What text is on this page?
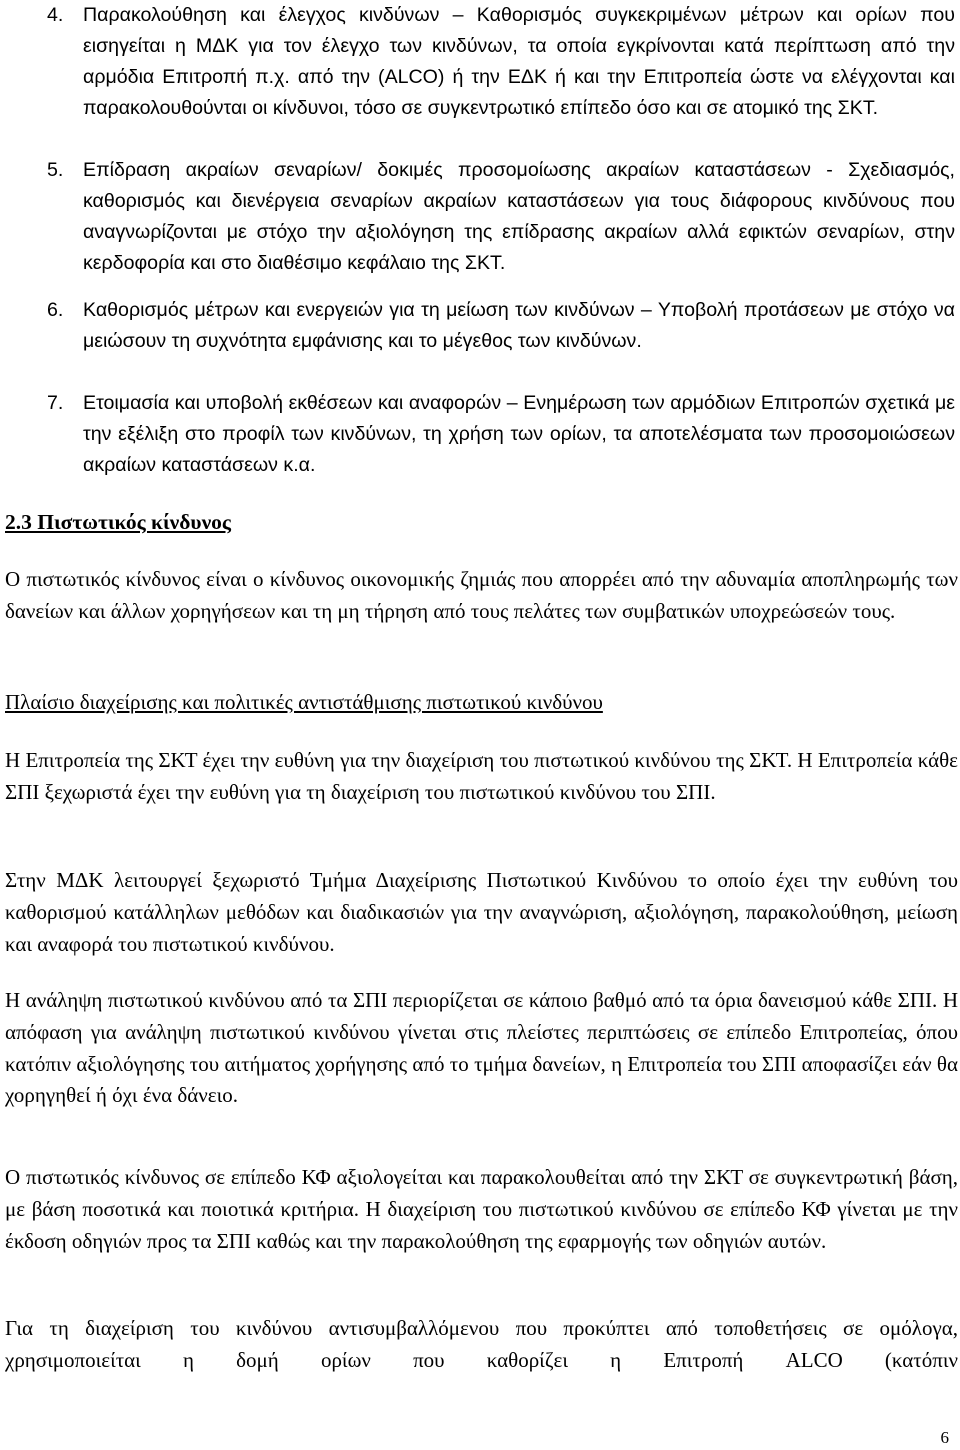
4. Παρακολούθηση και έλεγχος κινδύνων – Καθορισμός συγκεκριμένων μέτρων και ορίων που εισηγείται η ΜΔΚ για τον έλεγχο των κινδύνων, τα οποία εγκρίνονται κατά περίπτωση από την αρμόδια Επιτροπή π.χ. από την (ALCO) ή την ΕΔΚ ή και την Επιτροπεία ώστε να ελέγχονται και παρακολουθούνται οι κίνδυνοι, τόσο σε συγκεντρωτικό επίπεδο όσο και σε ατομικό της ΣΚΤ.
5. Επίδραση ακραίων σεναρίων/ δοκιμές προσομοίωσης ακραίων καταστάσεων - Σχεδιασμός, καθορισμός και διενέργεια σεναρίων ακραίων καταστάσεων για τους διάφορους κινδύνους που αναγνωρίζονται με στόχο την αξιολόγηση της επίδρασης ακραίων αλλά εφικτών σεναρίων, στην κερδοφορία και στο διαθέσιμο κεφάλαιο της ΣΚΤ.
6. Καθορισμός μέτρων και ενεργειών για τη μείωση των κινδύνων – Υποβολή προτάσεων με στόχο να μειώσουν τη συχνότητα εμφάνισης και το μέγεθος των κινδύνων.
7. Ετοιμασία και υποβολή εκθέσεων και αναφορών – Ενημέρωση των αρμόδιων Επιτροπών σχετικά με την εξέλιξη στο προφίλ των κινδύνων, τη χρήση των ορίων, τα αποτελέσματα των προσομοιώσεων ακραίων καταστάσεων κ.α.
2.3 Πιστωτικός κίνδυνος
Ο πιστωτικός κίνδυνος είναι ο κίνδυνος οικονομικής ζημιάς που απορρέει από την αδυναμία αποπληρωμής των δανείων και άλλων χορηγήσεων και τη μη τήρηση από τους πελάτες των συμβατικών υποχρεώσεών τους.
Πλαίσιο διαχείρισης και πολιτικές αντιστάθμισης πιστωτικού κινδύνου
Η Επιτροπεία της ΣΚΤ έχει την ευθύνη για την διαχείριση του πιστωτικού κινδύνου της ΣΚΤ. Η Επιτροπεία κάθε ΣΠΙ ξεχωριστά έχει την ευθύνη για τη διαχείριση του πιστωτικού κινδύνου του ΣΠΙ.
Στην ΜΔΚ λειτουργεί ξεχωριστό Τμήμα Διαχείρισης Πιστωτικού Κινδύνου το οποίο έχει την ευθύνη του καθορισμού κατάλληλων μεθόδων και διαδικασιών για την αναγνώριση, αξιολόγηση, παρακολούθηση, μείωση και αναφορά του πιστωτικού κινδύνου.
Η ανάληψη πιστωτικού κινδύνου από τα ΣΠΙ περιορίζεται σε κάποιο βαθμό από τα όρια δανεισμού κάθε ΣΠΙ. Η απόφαση για ανάληψη πιστωτικού κινδύνου γίνεται στις πλείστες περιπτώσεις σε επίπεδο Επιτροπείας, όπου κατόπιν αξιολόγησης του αιτήματος χορήγησης από το τμήμα δανείων, η Επιτροπεία του ΣΠΙ αποφασίζει εάν θα χορηγηθεί ή όχι ένα δάνειο.
Ο πιστωτικός κίνδυνος σε επίπεδο ΚΦ αξιολογείται και παρακολουθείται από την ΣΚΤ σε συγκεντρωτική βάση, με βάση ποσοτικά και ποιοτικά κριτήρια. Η διαχείριση του πιστωτικού κινδύνου σε επίπεδο ΚΦ γίνεται με την έκδοση οδηγιών προς τα ΣΠΙ καθώς και την παρακολούθηση της εφαρμογής των οδηγιών αυτών.
Για τη διαχείριση του κινδύνου αντισυμβαλλόμενου που προκύπτει από τοποθετήσεις σε ομόλογα, χρησιμοποιείται η δομή ορίων που καθορίζει η Επιτροπή ALCO (κατόπιν
6
